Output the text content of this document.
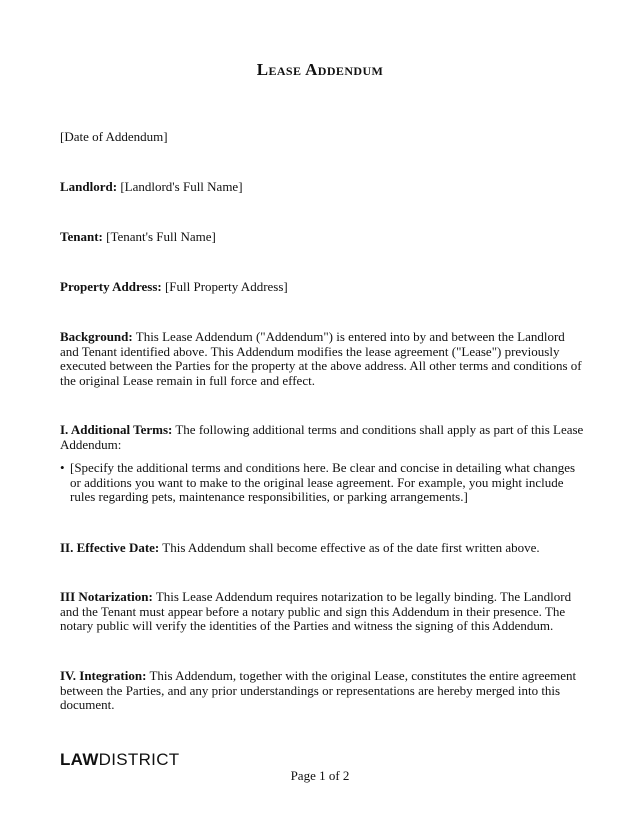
Lease Addendum

[Date of Addendum]

Landlord: [Landlord's Full Name]

Tenant: [Tenant's Full Name]

Property Address: [Full Property Address]

Background: This Lease Addendum ("Addendum") is entered into by and between the Landlord and Tenant identified above. This Addendum modifies the lease agreement ("Lease") previously executed between the Parties for the property at the above address. All other terms and conditions of the original Lease remain in full force and effect.

I. Additional Terms: The following additional terms and conditions shall apply as part of this Lease Addendum:

• [Specify the additional terms and conditions here. Be clear and concise in detailing what changes or additions you want to make to the original lease agreement. For example, you might include rules regarding pets, maintenance responsibilities, or parking arrangements.]

II. Effective Date: This Addendum shall become effective as of the date first written above.

III Notarization: This Lease Addendum requires notarization to be legally binding. The Landlord and the Tenant must appear before a notary public and sign this Addendum in their presence. The notary public will verify the identities of the Parties and witness the signing of this Addendum.

IV. Integration: This Addendum, together with the original Lease, constitutes the entire agreement between the Parties, and any prior understandings or representations are hereby merged into this document.

LAWDISTRICT
Page 1 of 2
